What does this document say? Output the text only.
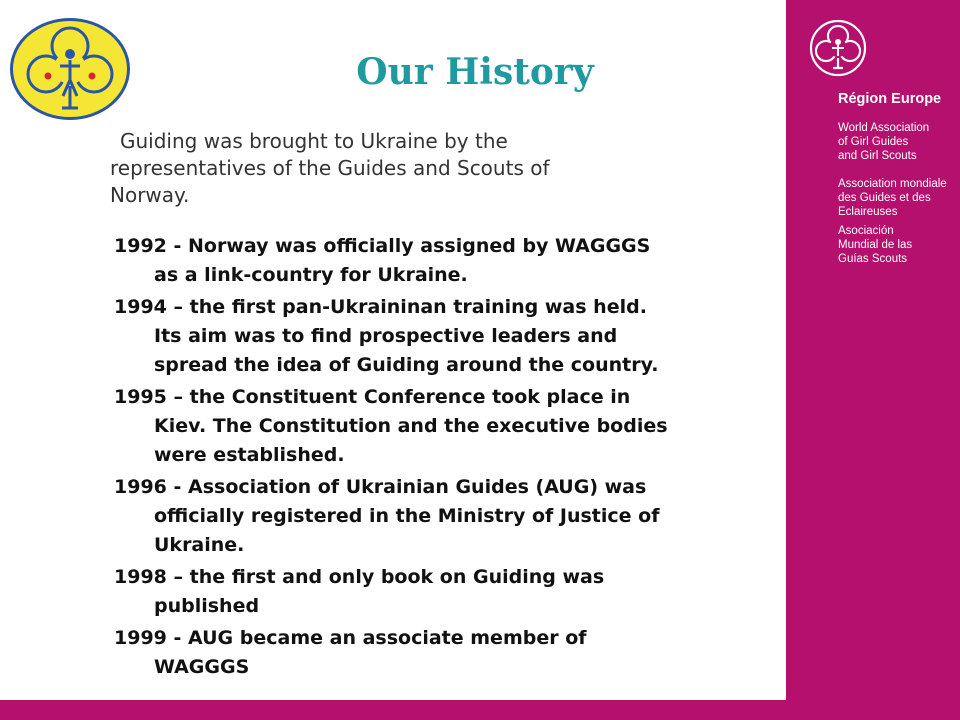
Our History
Guiding was brought to Ukraine by the
representatives of the Guides and Scouts of
Norway.
1992 - Norway was officially assigned by WAGGGS
as a link-country for Ukraine.
1994 – the first pan-Ukraininan training was held.
Its aim was to find prospective leaders and
spread the idea of Guiding around the country.
1995 – the Constituent Conference took place in
Kiev. The Constitution and the executive bodies
were established.
1996 - Association of Ukrainian Guides (AUG) was
officially registered in the Ministry of Justice of
Ukraine.
1998 – the first and only book on Guiding was
published
1999 - AUG became an associate member of
WAGGGS
Région Europe
World Association
of Girl Guides
and Girl Scouts
Association mondiale
des Guides et des
Eclaireuses
Asociación
Mundial de las
Guías Scouts
